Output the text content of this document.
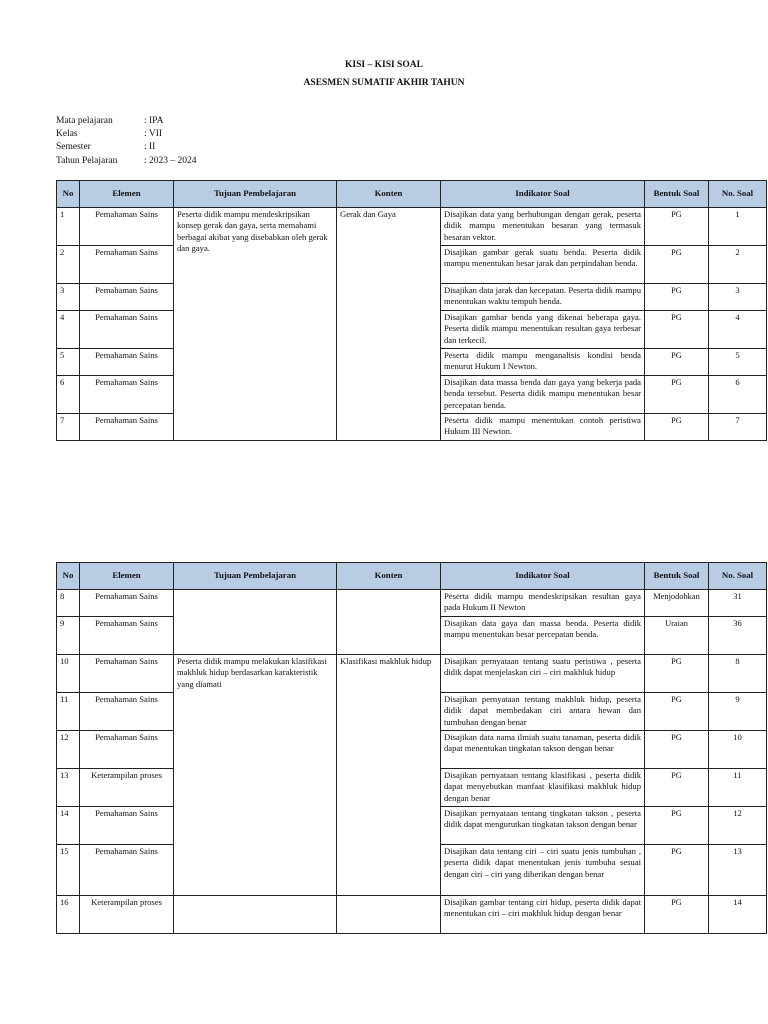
KISI – KISI SOAL
ASESMEN SUMATIF AKHIR TAHUN
Mata pelajaran	: IPA
Kelas	: VII
Semester	: II
Tahun Pelajaran	: 2023 – 2024
No	Elemen	Tujuan Pembelajaran	Konten	Indikator Soal	Bentuk Soal	No. Soal
1	Pemahaman Sains	Peserta didik mampu mendeskripsikan konsep gerak dan gaya, serta memahami berbagai akibat yang disebabkan oleh gerak dan gaya.	Gerak dan Gaya	Disajikan data yang berhubungan dengan gerak, peserta didik mampu menentukan besaran yang termasuk besaran vektor.	PG	1
2	Pemahaman Sains			Disajikan gambar gerak suatu benda. Peserta didik mampu menentukan besar jarak dan perpindahan benda.	PG	2
3	Pemahaman Sains			Disajikan data jarak dan kecepatan. Peserta didik mampu menentukan waktu tempuh benda.	PG	3
4	Pemahaman Sains			Disajikan gambar benda yang dikenai beberapa gaya. Peserta didik mampu menentukan resultan gaya terbesar dan terkecil.	PG	4
5	Pemahaman Sains			Peserta didik mampu menganalisis kondisi benda menurut Hukum I Newton.	PG	5
6	Pemahaman Sains			Disajikan data massa benda dan gaya yang bekerja pada benda tersebut. Peserta didik mampu menentukan besar percepatan benda.	PG	6
7	Pemahaman Sains			Peserta didik mampu menentukan contoh peristiwa Hukum III Newton.	PG	7
No	Elemen	Tujuan Pembelajaran	Konten	Indikator Soal	Bentuk Soal	No. Soal
8	Pemahaman Sains			Peserta didik mampu mendeskripsikan resultan gaya pada Hukum II Newton	Menjodohkan	31
9	Pemahaman Sains			Disajikan data gaya dan massa benda. Peserta didik mampu menentukan besar percepatan benda.	Uraian	36
10	Pemahaman Sains	Peserta didik mampu melakukan klasifikasi makhluk hidup berdasarkan karakteristik yang diamati	Klasifikasi makhluk hidup	Disajikan pernyataan tentang suatu peristiwa , peserta didik dapat menjelaskan ciri – ciri makhluk hidup	PG	8
11	Pemahaman Sains			Disajikan pernyataan tentang makhluk hidup, peserta didik dapat membedakan ciri antara hewan dan tumbuhan dengan benar	PG	9
12	Pemahaman Sains			Disajikan data nama ilmiah suatu tanaman, peserta didik dapat menentukan tingkatan takson dengan benar	PG	10
13	Keterampilan proses			Disajikan pernyataan tentang klasifikasi , peserta didik dapat menyebutkan manfaat klasifikasi makhluk hidup dengan benar	PG	11
14	Pemahaman Sains			Disajikan pernyataan tentang tingkatan takson , peserta didik dapat mengurutkan tingkatan takson dengan benar	PG	12
15	Pemahaman Sains			Disajikan data tentang ciri – ciri suatu jenis tumbuhan , peserta didik dapat menentukan jenis tumbuha sesuai dengan ciri – ciri yang diberikan dengan benar	PG	13
16	Keterampilan proses			Disajikan gambar tentang ciri hidup, peserta didik dapat menentukan ciri – ciri makhluk hidup dengan benar	PG	14
